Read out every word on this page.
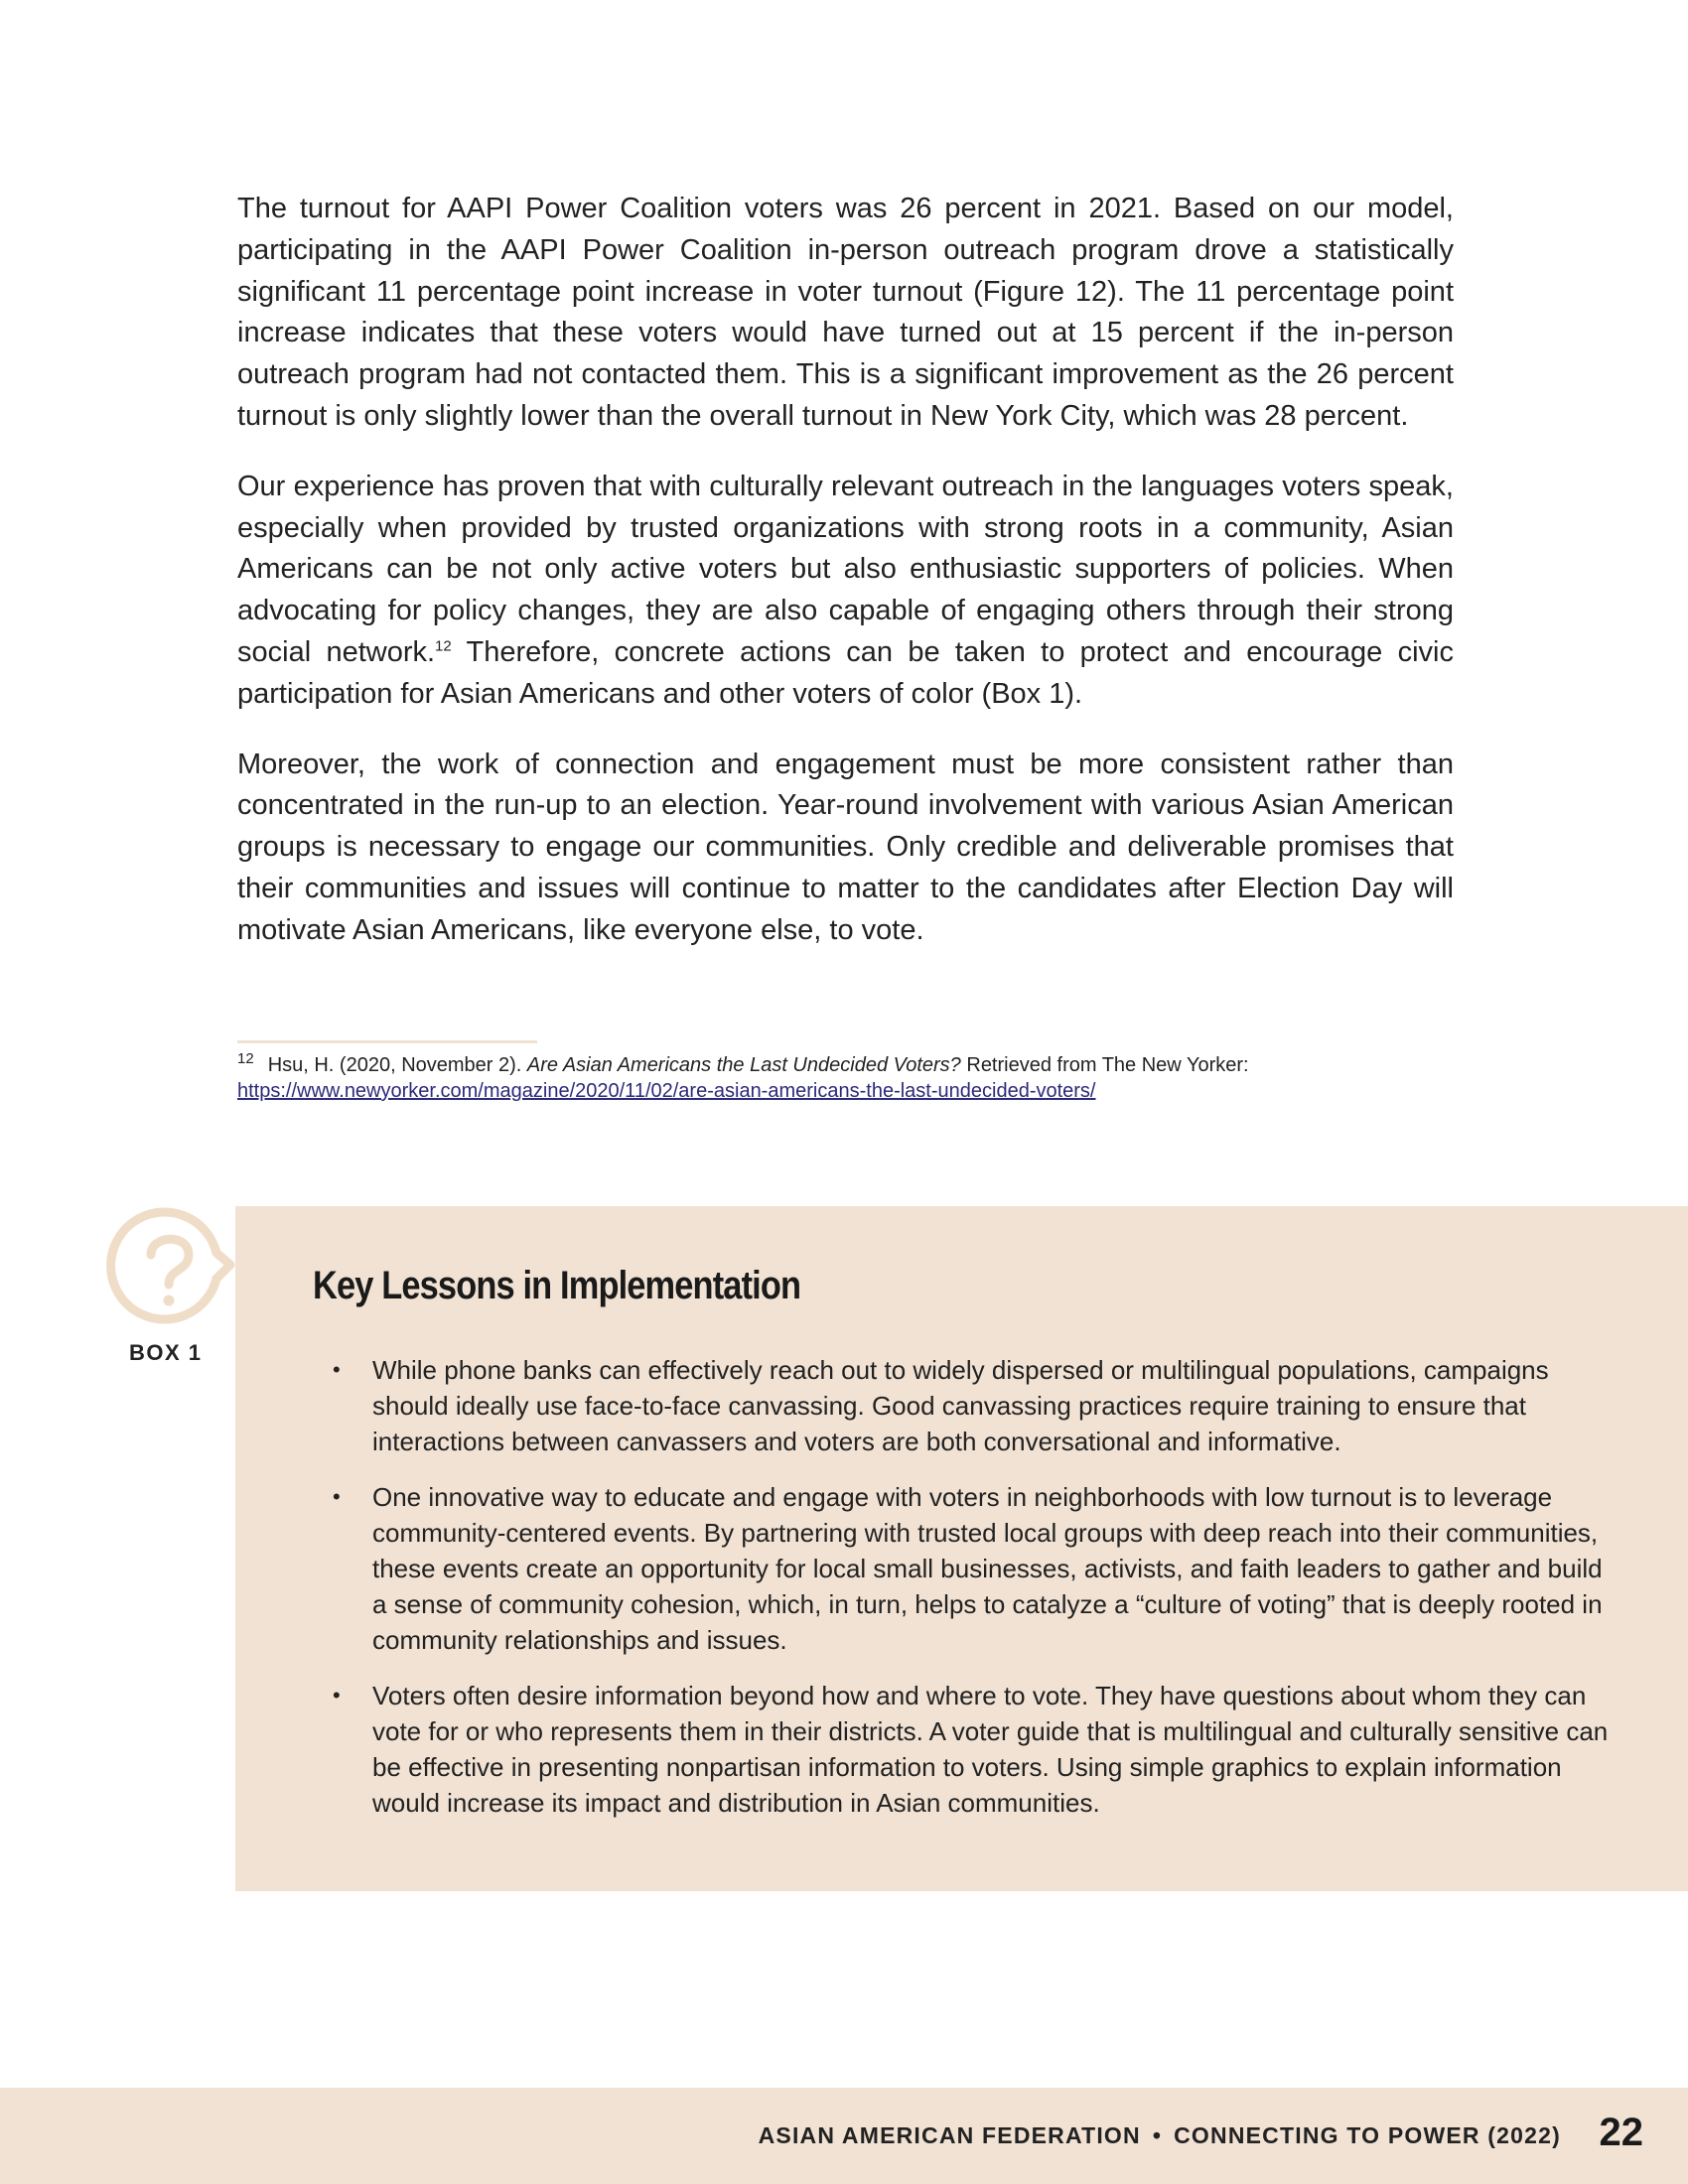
The turnout for AAPI Power Coalition voters was 26 percent in 2021. Based on our model, participating in the AAPI Power Coalition in-person outreach program drove a statistically significant 11 percentage point increase in voter turnout (Figure 12). The 11 percentage point increase indicates that these voters would have turned out at 15 percent if the in-person outreach program had not contacted them. This is a significant improvement as the 26 percent turnout is only slightly lower than the overall turnout in New York City, which was 28 percent.

Our experience has proven that with culturally relevant outreach in the languages voters speak, especially when provided by trusted organizations with strong roots in a community, Asian Americans can be not only active voters but also enthusiastic supporters of policies. When advocating for policy changes, they are also capable of engaging others through their strong social network.$^{12}$ Therefore, concrete actions can be taken to protect and encourage civic participation for Asian Americans and other voters of color (Box 1).

Moreover, the work of connection and engagement must be more consistent rather than concentrated in the run-up to an election. Year-round involvement with various Asian American groups is necessary to engage our communities. Only credible and deliverable promises that their communities and issues will continue to matter to the candidates after Election Day will motivate Asian Americans, like everyone else, to vote.

$^{12}$ Hsu, H. (2020, November 2). Are Asian Americans the Last Undecided Voters? Retrieved from The New Yorker: https://www.newyorker.com/magazine/2020/11/02/are-asian-americans-the-last-undecided-voters/
BOX 1
Key Lessons in Implementation
• While phone banks can effectively reach out to widely dispersed or multilingual populations, campaigns should ideally use face-to-face canvassing. Good canvassing practices require training to ensure that interactions between canvassers and voters are both conversational and informative.
• One innovative way to educate and engage with voters in neighborhoods with low turnout is to leverage community-centered events. By partnering with trusted local groups with deep reach into their communities, these events create an opportunity for local small businesses, activists, and faith leaders to gather and build a sense of community cohesion, which, in turn, helps to catalyze a “culture of voting” that is deeply rooted in community relationships and issues.
• Voters often desire information beyond how and where to vote. They have questions about whom they can vote for or who represents them in their districts. A voter guide that is multilingual and culturally sensitive can be effective in presenting nonpartisan information to voters. Using simple graphics to explain information would increase its impact and distribution in Asian communities.
ASIAN AMERICAN FEDERATION • CONNECTING TO POWER (2022) 22
